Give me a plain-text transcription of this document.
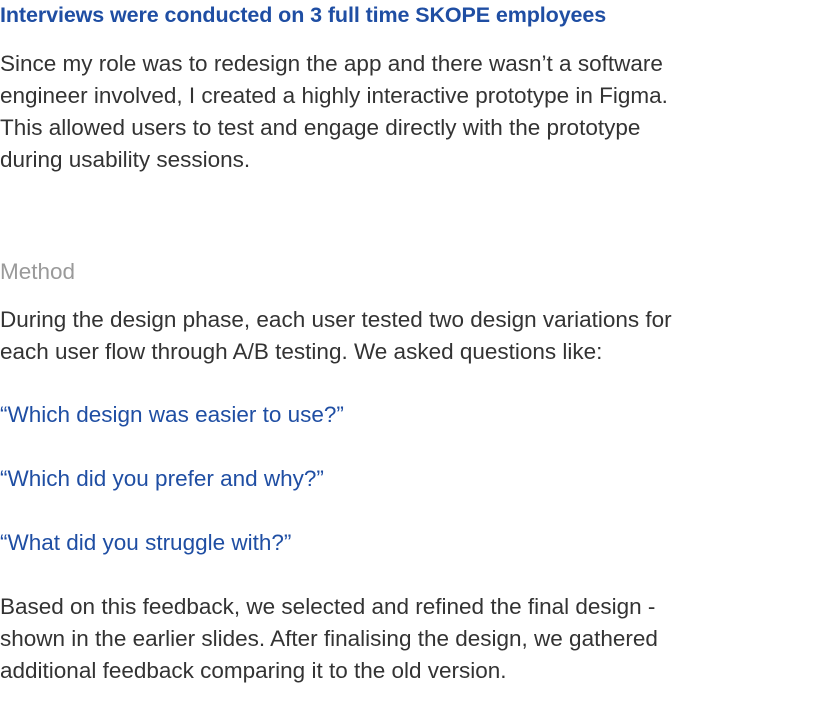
Interviews were conducted on 3 full time SKOPE employees
Since my role was to redesign the app and there wasn’t a software
engineer involved, I created a highly interactive prototype in Figma.
This allowed users to test and engage directly with the prototype
during usability sessions.
Method
During the design phase, each user tested two design variations for
each user flow through A/B testing. We asked questions like:
“Which design was easier to use?”
“Which did you prefer and why?”
“What did you struggle with?”
Based on this feedback, we selected and refined the final design -
shown in the earlier slides. After finalising the design, we gathered
additional feedback comparing it to the old version.
